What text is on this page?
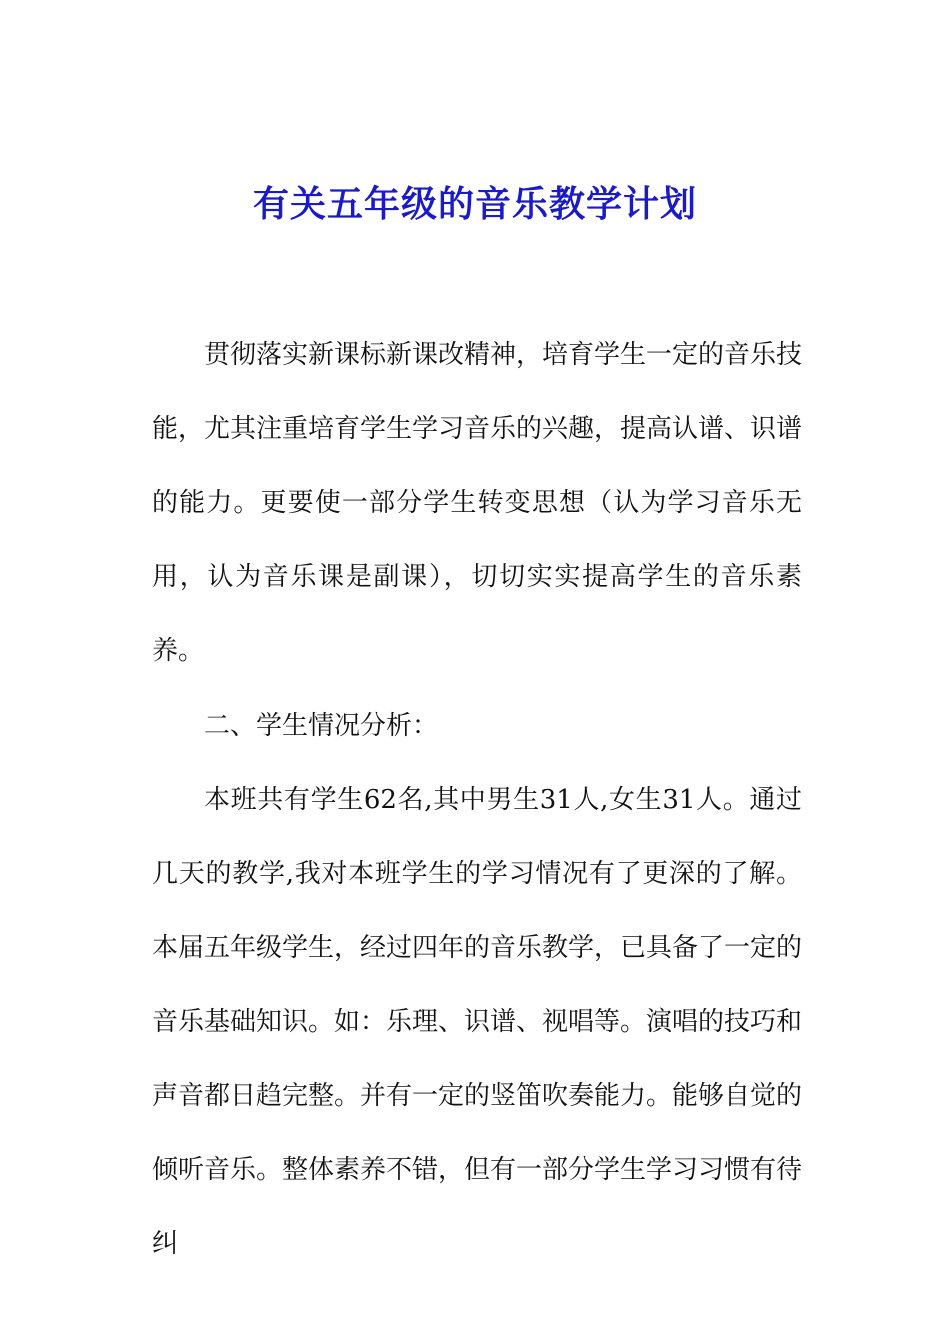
有关五年级的音乐教学计划

贯彻落实新课标新课改精神，培育学生一定的音乐技能，尤其注重培育学生学习音乐的兴趣，提高认谱、识谱的能力。更要使一部分学生转变思想（认为学习音乐无用，认为音乐课是副课），切切实实提高学生的音乐素养。

二、学生情况分析：

本班共有学生62名,其中男生31人,女生31人。通过几天的教学,我对本班学生的学习情况有了更深的了解。本届五年级学生，经过四年的音乐教学，已具备了一定的音乐基础知识。如：乐理、识谱、视唱等。演唱的技巧和声音都日趋完整。并有一定的竖笛吹奏能力。能够自觉的倾听音乐。整体素养不错，但有一部分学生学习习惯有待纠
